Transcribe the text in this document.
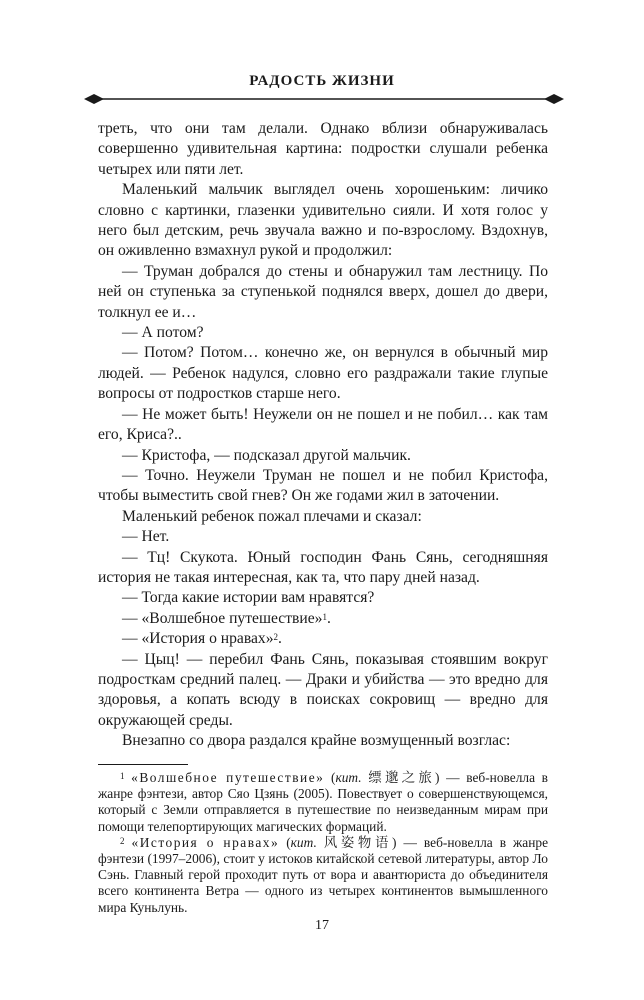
РАДОСТЬ ЖИЗНИ

треть, что они там делали. Однако вблизи обнаруживалась совершенно удивительная картина: подростки слушали ребенка четырех или пяти лет.

Маленький мальчик выглядел очень хорошеньким: личико словно с картинки, глазенки удивительно сияли. И хотя голос у него был детским, речь звучала важно и по-взрослому. Вздохнув, он оживленно взмахнул рукой и продолжил:

— Труман добрался до стены и обнаружил там лестницу. По ней он ступенька за ступенькой поднялся вверх, дошел до двери, толкнул ее и…

— А потом?

— Потом? Потом… конечно же, он вернулся в обычный мир людей. — Ребенок надулся, словно его раздражали такие глупые вопросы от подростков старше него.

— Не может быть! Неужели он не пошел и не побил… как там его, Криса?..

— Кристофа, — подсказал другой мальчик.

— Точно. Неужели Труман не пошел и не побил Кристофа, чтобы выместить свой гнев? Он же годами жил в заточении.

Маленький ребенок пожал плечами и сказал:

— Нет.

— Тц! Скукота. Юный господин Фань Сянь, сегодняшняя история не такая интересная, как та, что пару дней назад.

— Тогда какие истории вам нравятся?

— «Волшебное путешествие»$^1$.

— «История о нравах»$^2$.

— Цыц! — перебил Фань Сянь, показывая стоявшим вокруг подросткам средний палец. — Драки и убийства — это вредно для здоровья, а копать всюду в поисках сокровищ — вредно для окружающей среды.

Внезапно со двора раздался крайне возмущенный возглас:

$^1$ «Волшебное путешествие» (кит. 缥邈之旅) — веб-новелла в жанре фэнтези, автор Сяо Цзянь (2005). Повествует о совершенствующемся, который с Земли отправляется в путешествие по неизведанным мирам при помощи телепортирующих магических формаций.

$^2$ «История о нравах» (кит. 风姿物语) — веб-новелла в жанре фэнтези (1997–2006), стоит у истоков китайской сетевой литературы, автор Ло Сэнь. Главный герой проходит путь от вора и авантюриста до объединителя всего континента Ветра — одного из четырех континентов вымышленного мира Куньлунь.

17
